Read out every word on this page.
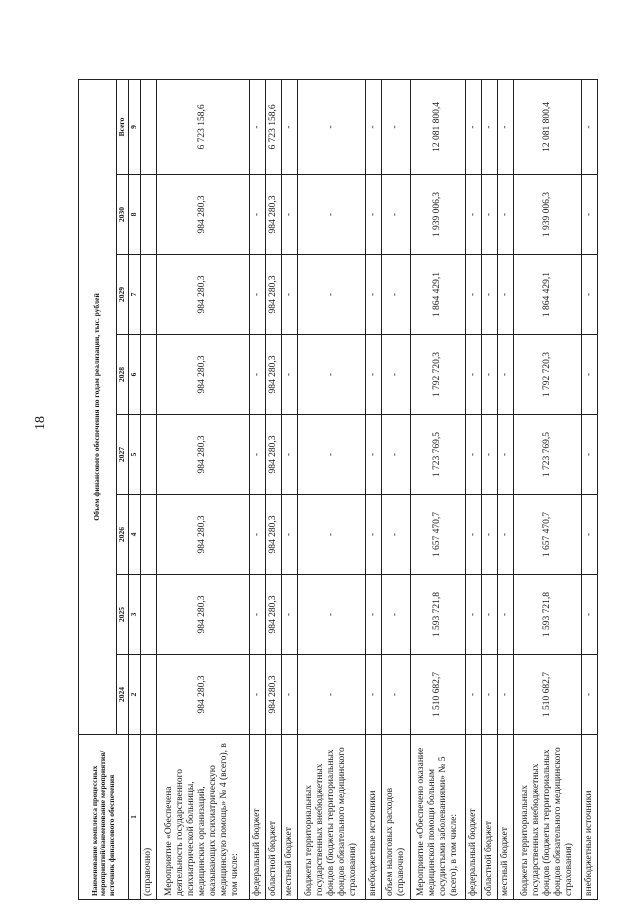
18
Наименование комплекса процессных мероприятий/наименование мероприятия/источник финансового обеспечения	Объем финансового обеспечения по годам реализации, тыс. рублей							
	2024	2025	2026	2027	2028	2029	2030	Всего
1	2	3	4	5	6	7	8	9
(справочно)								
Мероприятие «Обеспечена деятельность государственного психиатрической больницы, медицинских организаций, оказывающих психиатрическую медицинскую помощь» № 4 (всего), в том числе:	984 280,3	984 280,3	984 280,3	984 280,3	984 280,3	984 280,3	984 280,3	6 723 158,6
федеральный бюджет	-	-	-	-	-	-	-	-
областной бюджет	984 280,3	984 280,3	984 280,3	984 280,3	984 280,3	984 280,3	984 280,3	6 723 158,6
местный бюджет	-	-	-	-	-	-	-	-
бюджеты территориальных государственных внебюджетных фондов (бюджеты территориальных фондов обязательного медицинского страхования)	-	-	-	-	-	-	-	-
внебюджетные источники	-	-	-	-	-	-	-	-
объем налоговых расходов (справочно)	-	-	-	-	-	-	-	-
Мероприятие «Обеспечено оказание медицинской помощи больным сосудистыми заболеваниями» № 5 (всего), в том числе:	1 510 682,7	1 593 721,8	1 657 470,7	1 723 769,5	1 792 720,3	1 864 429,1	1 939 006,3	12 081 800,4
федеральный бюджет	-	-	-	-	-	-	-	-
областной бюджет	-	-	-	-	-	-	-	-
местный бюджет	-	-	-	-	-	-	-	-
бюджеты территориальных государственных внебюджетных фондов (бюджеты территориальных фондов обязательного медицинского страхования)	1 510 682,7	1 593 721,8	1 657 470,7	1 723 769,5	1 792 720,3	1 864 429,1	1 939 006,3	12 081 800,4
внебюджетные источники	-	-	-	-	-	-	-	-
